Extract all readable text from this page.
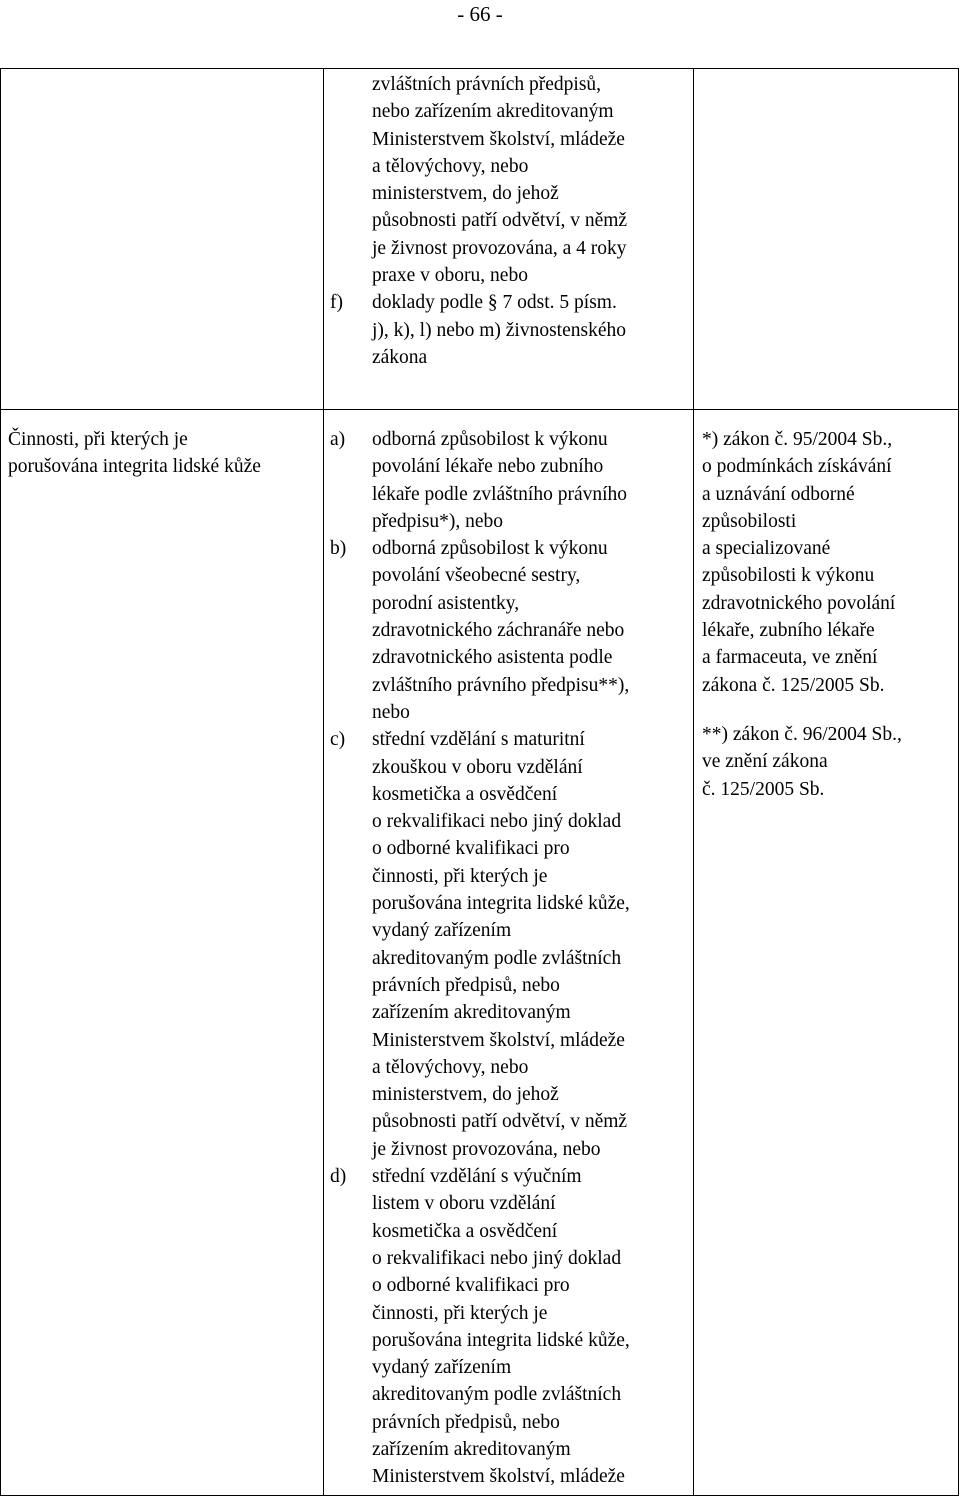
- 66 -
zvláštních právních předpisů,
nebo zařízením akreditovaným
Ministerstvem školství, mládeže
a tělovýchovy, nebo
ministerstvem, do jehož
působnosti patří odvětví, v němž
je živnost provozována, a 4 roky
praxe v oboru, nebo
f) doklady podle § 7 odst. 5 písm.
j), k), l) nebo m) živnostenského
zákona
Činnosti, při kterých je
porušována integrita lidské kůže
a) odborná způsobilost k výkonu
povolání lékaře nebo zubního
lékaře podle zvláštního právního
předpisu*), nebo
b) odborná způsobilost k výkonu
povolání všeobecné sestry,
porodní asistentky,
zdravotnického záchranáře nebo
zdravotnického asistenta podle
zvláštního právního předpisu**),
nebo
c) střední vzdělání s maturitní
zkouškou v oboru vzdělání
kosmetička a osvědčení
o rekvalifikaci nebo jiný doklad
o odborné kvalifikaci pro
činnosti, při kterých je
porušována integrita lidské kůže,
vydaný zařízením
akreditovaným podle zvláštních
právních předpisů, nebo
zařízením akreditovaným
Ministerstvem školství, mládeže
a tělovýchovy, nebo
ministerstvem, do jehož
působnosti patří odvětví, v němž
je živnost provozována, nebo
d) střední vzdělání s výučním
listem v oboru vzdělání
kosmetička a osvědčení
o rekvalifikaci nebo jiný doklad
o odborné kvalifikaci pro
činnosti, při kterých je
porušována integrita lidské kůže,
vydaný zařízením
akreditovaným podle zvláštních
právních předpisů, nebo
zařízením akreditovaným
Ministerstvem školství, mládeže
*) zákon č. 95/2004 Sb.,
o podmínkách získávání
a uznávání odborné
způsobilosti
a specializované
způsobilosti k výkonu
zdravotnického povolání
lékaře, zubního lékaře
a farmaceuta, ve znění
zákona č. 125/2005 Sb.
**) zákon č. 96/2004 Sb.,
ve znění zákona
č. 125/2005 Sb.
